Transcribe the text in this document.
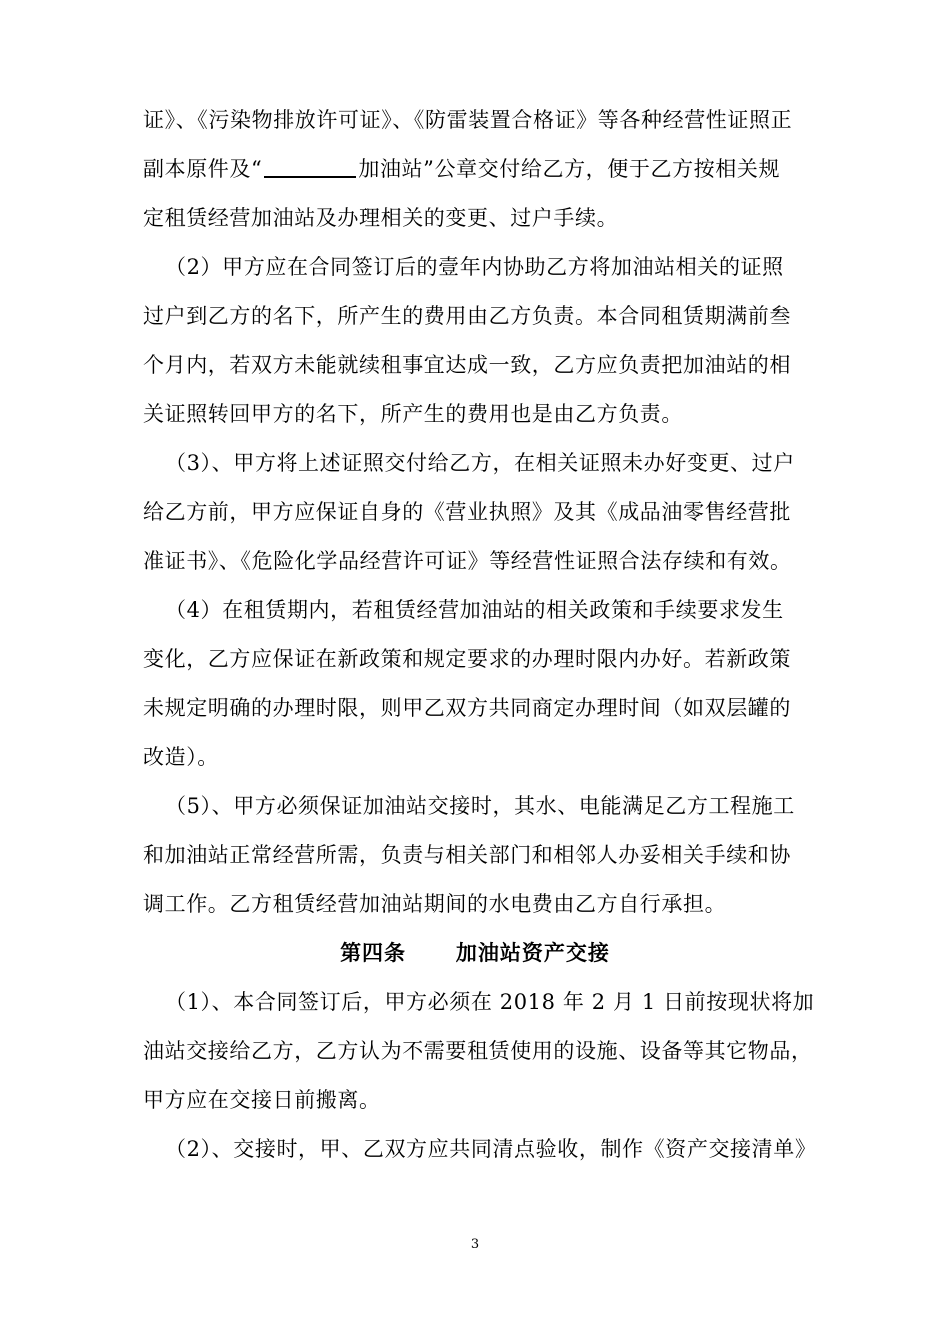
证》、《污染物排放许可证》、《防雷装置合格证》等各种经营性证照正
副本原件及“	加油站”公章交付给乙方，便于乙方按相关规
定租赁经营加油站及办理相关的变更、过户手续。
（2）甲方应在合同签订后的壹年内协助乙方将加油站相关的证照
过户到乙方的名下，所产生的费用由乙方负责。本合同租赁期满前叁
个月内，若双方未能就续租事宜达成一致，乙方应负责把加油站的相
关证照转回甲方的名下，所产生的费用也是由乙方负责。
（3）、甲方将上述证照交付给乙方，在相关证照未办好变更、过户
给乙方前，甲方应保证自身的《营业执照》及其《成品油零售经营批
准证书》、《危险化学品经营许可证》等经营性证照合法存续和有效。
（4）在租赁期内，若租赁经营加油站的相关政策和手续要求发生
变化，乙方应保证在新政策和规定要求的办理时限内办好。若新政策
未规定明确的办理时限，则甲乙双方共同商定办理时间（如双层罐的
改造）。
（5）、甲方必须保证加油站交接时，其水、电能满足乙方工程施工
和加油站正常经营所需，负责与相关部门和相邻人办妥相关手续和协
调工作。乙方租赁经营加油站期间的水电费由乙方自行承担。
第四条      加油站资产交接
（1）、本合同签订后，甲方必须在 2018 年 2 月 1 日前按现状将加
油站交接给乙方，乙方认为不需要租赁使用的设施、设备等其它物品，
甲方应在交接日前搬离。
（2）、交接时，甲、乙双方应共同清点验收，制作《资产交接清单》
3
